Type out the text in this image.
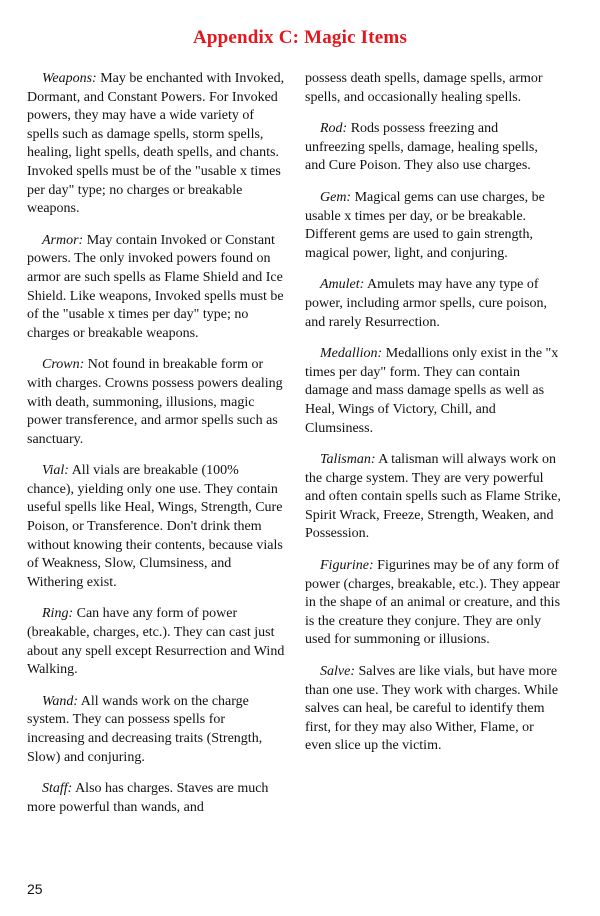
Appendix C: Magic Items

Weapons: May be enchanted with Invoked, Dormant, and Constant Powers. For Invoked powers, they may have a wide variety of spells such as damage spells, storm spells, healing, light spells, death spells, and chants. Invoked spells must be of the "usable x times per day" type; no charges or breakable weapons.

Armor: May contain Invoked or Constant powers. The only invoked powers found on armor are such spells as Flame Shield and Ice Shield. Like weapons, Invoked spells must be of the "usable x times per day" type; no charges or breakable weapons.

Crown: Not found in breakable form or with charges. Crowns possess powers dealing with death, summoning, illusions, magic power transference, and armor spells such as sanctuary.

Vial: All vials are breakable (100% chance), yielding only one use. They contain useful spells like Heal, Wings, Strength, Cure Poison, or Transference. Don't drink them without knowing their contents, because vials of Weakness, Slow, Clumsiness, and Withering exist.

Ring: Can have any form of power (breakable, charges, etc.). They can cast just about any spell except Resurrection and Wind Walking.

Wand: All wands work on the charge system. They can possess spells for increasing and decreasing traits (Strength, Slow) and conjuring.

Staff: Also has charges. Staves are much more powerful than wands, and

possess death spells, damage spells, armor spells, and occasionally healing spells.

Rod: Rods possess freezing and unfreezing spells, damage, healing spells, and Cure Poison. They also use charges.

Gem: Magical gems can use charges, be usable x times per day, or be breakable. Different gems are used to gain strength, magical power, light, and conjuring.

Amulet: Amulets may have any type of power, including armor spells, cure poison, and rarely Resurrection.

Medallion: Medallions only exist in the "x times per day" form. They can contain damage and mass damage spells as well as Heal, Wings of Victory, Chill, and Clumsiness.

Talisman: A talisman will always work on the charge system. They are very powerful and often contain spells such as Flame Strike, Spirit Wrack, Freeze, Strength, Weaken, and Possession.

Figurine: Figurines may be of any form of power (charges, breakable, etc.). They appear in the shape of an animal or creature, and this is the creature they conjure. They are only used for summoning or illusions.

Salve: Salves are like vials, but have more than one use. They work with charges. While salves can heal, be careful to identify them first, for they may also Wither, Flame, or even slice up the victim.

25
